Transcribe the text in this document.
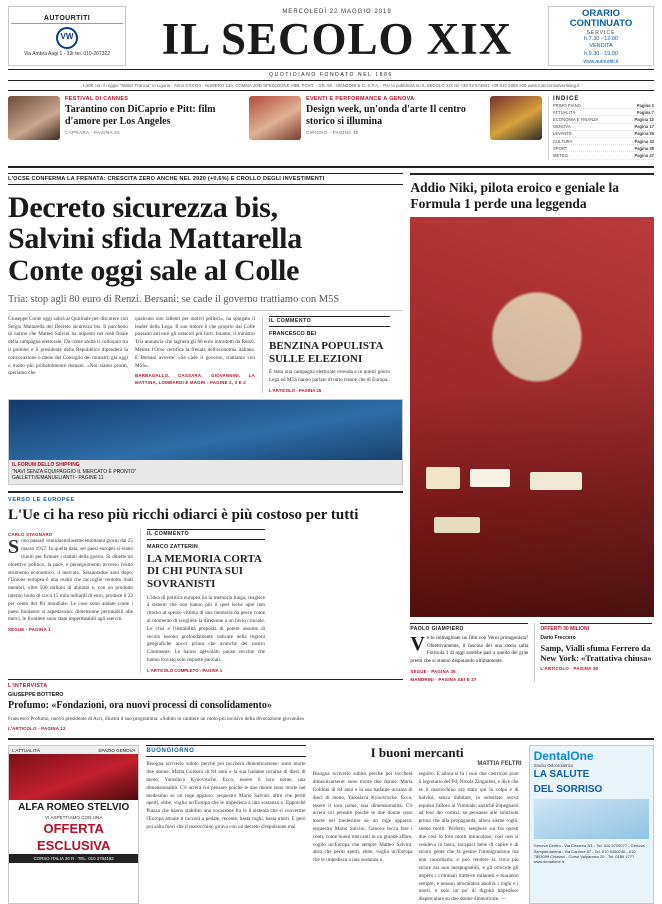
AUTOURTITI
VW
Via Ambra Aagi 1 - 33r tel. 010-267322
MERCOLEDÌ 22 MAGGIO 2019
IL SECOLO XIX
ORARIO
CONTINUATO
SERVICE
h.7.30 - 12.00
VENDITA
h.9.30 - 19.00
www.autourtiti.it
QUOTIDIANO FONDATO NEL 1886
1,50€ con il reggio "Mister Francia" in Liguria - Anno CXXXIII - NUMERO 120, COMMA 20/B SPEDIZIONE ABB. POST. - GR. 50 - MANZONI & C. S.P.A. - Per la pubblicità su IL SECOLO XIX tel +39 02 574941 +39 010 5388.200 www.manzoniadvertising.it
FESTIVAL DI CANNES
Tarantino con DiCaprio e Pitt: film d'amore per Los Angeles
CAPRARA - PAGINA 33
EVENTI E PERFORMANCE A GENOVA
Design week, un'onda d'arte Il centro storico si illumina
CIRIGNO - PAGINA 35
INDICE
PRIMO PIANO	Pagina 2
ATTUALITÀ	Pagina 7
ECONOMIA E FINANZA	Pagina 12
GENOVA	Pagina 17
LEVANTE	Pagina 25
CULTURA	Pagina 33
SPORT	Pagina 38
METEO	Pagina 47
L'OCSE CONFERMA LA FRENATA: CRESCITA ZERO ANCHE NEL 2020 (+0,6%) E CROLLO DEGLI INVESTIMENTI
Decreto sicurezza bis,
Salvini sfida Mattarella
Conte oggi sale al Colle
Tria: stop agli 80 euro di Renzi. Bersani: se cade il governo trattiamo con M5S
Giuseppe Conte oggi salirà al Quirinale per discutere con Sergio Mattarella del Decreto sicurezza bis. Il pacchetto di norme che Matteo Salvini ha imposto nel rush finale della campagna elettorale. Da come andrà il colloquio tra il premier e il presidente della Repubblica dipenderà la convocazione o meno del Consiglio dei ministri, già oggi o molto più probabilmente domani. «Noi siamo pronti, speriamo che
qualcuno non rallenti per motivi politici», ha spiegato il leader della Lega. Il suo timore è che proprio dal Colle possano arrivare gli ostacoli più forti. Intanto, il ministro Tria annuncia che taglierà gli 80 euro introdotti da Renzi. Mentre l'Ocse certifica la frenata dell'economia italiana. E Bersani avverte: «Se cade il governo, trattiamo con M5S».
BARBAGALLO, CASSARÀ, GIOVANNINI, LA MATTINA, LOMBARDI E MAGRI - PAGINE 2, 3 E 4
IL COMMENTO
FRANCESCO BEI
BENZINA POPULISTA SULLE ELEZIONI
È stata una campagna elettorale orrenda e in questi giorni Lega ed M5S hanno parlato di tutto tranne che di Europa.
L'ARTICOLO - PAGINA 25
IL FORUM DELLO SHIPPING
"NAVI SENZA EQUIPAGGIO IL MERCATO È PRONTO"
GALLETTI/EMANUELIANTI - PAGINE 11
VERSO LE EUROPEE
L'Ue ci ha reso più ricchi odiarci è più costoso per tutti
CARLO STAGNARO
Sono passati ventiduemilasettecentottanta giorni dal 25 marzo 1957. In quella data, sei paesi europei si erano riuniti per firmare i trattati della guerra. Si dibette un obiettivo politico, la pace, e perseguimento avverso l'esito strumento economico, il mercato. Sessantadue anni dopo, l'Unione europea è una realtà che raccoglie ventotto Stati membri, oltre 500 milioni di abitanti e, con un prodotto interno lordo di circa 15 mila miliardi di euro, produce il 22 per cento del Pil mondiale. Le cose sono andate come i paesi fondatori si aspettavano: dimensione permeabili alle merci, le frontiere sono state impermeabili agli eserciti.
SEGUE - PAGINA 1
IL COMMENTO
MARCO ZATTERIN
LA MEMORIA CORTA DI CHI PUNTA SUI SOVRANISTI
L'idea di politica europea ha la memoria lunga, reagisce a sistemi che non hanno più il quel leche apre non ritorno al spesso vittima di una memoria da pesce come al momento di scegliere la direzione a un bivio cruciale. Le crisi e l'instabilità proposta di potere assume di secolo essono profondamente radicate nella regioni geografiche ancor prima che avanche del nostro Continente. Le hanno agevolato pause vecchie che hanno trovato solo risposte parziali.
L'ARTICOLO COMPLETO - PAGINA 1
L'INTERVISTA
GIUSEPPE BOTTERO
Profumo: «Fondazioni, ora nuovi processi di consolidamento»
Francesco Profumo, nuovo presidente di Acri, illustra il suo programma: «Subito in cantiere un ruolo più incisivo della divocazione giovanile»
L'ARTICOLO - PAGINA 12
Addio Niki, pilota eroico e geniale la Formula 1 perde una leggenda
PAOLO GIAMPIERO
Ve lo immaginate un film con Verni protagonista? Obiettivamente, il fascino dei una storia sulla Formula 1 di oggi sarebbe pari a quello dei gran premi che si stanno disputando ultimamente.
SEGUE - PAGINA 36
MANDRINI - PAGINA SEI E 37
OFFERTI 30 MILIONI
Dario Freccero
Samp, Vialli sfuma Ferrero da New York: «Trattativa chiusa»
L'ARTICOLO - PAGINA 38
L'ATTUALITÀ	SPAZIO GENOVA
ALFA ROMEO STELVIO
VI ASPETTIAMO CON UNA
OFFERTA
ESCLUSIVA
CORSO ITALIA 30 R . TEL. 010 3784182
BUONGIORNO
Bisogna scriverlo subito perché poi toccherà dimenticarsene: sono morte due donne. Marta Goldoni di 84 anni e la sua badante ucraina di dieci di meno, Yaroslava Kynovruche. Ecco, essere il loro nome, una dimensionalità. C'è un'era cui pensare poiché le due donne sono morte nel medesimo se un roge apparso: sequestro Mario Salvini: altro che periti aperti, ebbe, voglio un'Europa che le impedisca a una sostanza o. Eppoiché Piazza che hanno stabilito una vocazione fra le il sistema che si convertire l'Europa attuale ti caccerà a pedate, recente, basta roghi, basta morti. E però poi salta fuori che il marocchino girava con un decreto d'espulsione mai
I buoni mercanti
MATTIA FELTRI
Bisogna scriverlo subito perché poi toccherà dimenticarsene: sono morte due donne. Marta Goldoni di 84 anni e la sua badante ucraina di dieci di meno, Yaroslava Kynovruche. Ecco, essere il loro nome, una dimensionalità. C'è un'era cui pensare poiché le due donne sono morte nel medesimo se un roge apparso: sequestro Mario Salvini. Genova tocca fare i conti, come buoni mercanti in un grande affare, voglio un'Europa che sempre Matteo Salvini: altro che periti aperti, ebbe, voglio un'Europa che le impedisca a una sostanza o.
seguito. E allora si fa i suoi due costricini pure il legretario del Pd, Nicola Zingaretti, e dice che se il marocchino era stato qui la colpa è di Salvini, senza dubitare, in substrato aveva espulso l'alloro al Viminale, anziché impegnarsi ad tour dei comizi, se pensasse alle soluzioni prima che alla propaganda, allora sieme roghi, sieme morti. Perfetto, seeghere sui fra questi due cosi lo loro morti miracolose, così non si vendeva in tasca, incapaci bene di capire e di sicuro gente che fa gestire l'immigrazione ma non cancellarla, e può rendere la circa più sicure ma non inespugnabili, e gli omicide gli impero i criminali tratte-re milanesi e tuaranno sempre, e nessun atrocalabra abolirà i roghi e i morti, e solo un po' di dignità impedisce disperculare su due donne dimenticate. —
DentalOne
Studio Odontoiatrico
LA SALUTE
DEL SORRISO
Genova Centro - Via Cesarea 3/1 - Tel. 010 5709077 - Genova Sampierdarena - Via Cantore 87 - Tel. 010 6450240 - 010 7853099 Chiavari - Corso Valparaiso 20 - Tel. 0185 1777 www.dentalone.it
